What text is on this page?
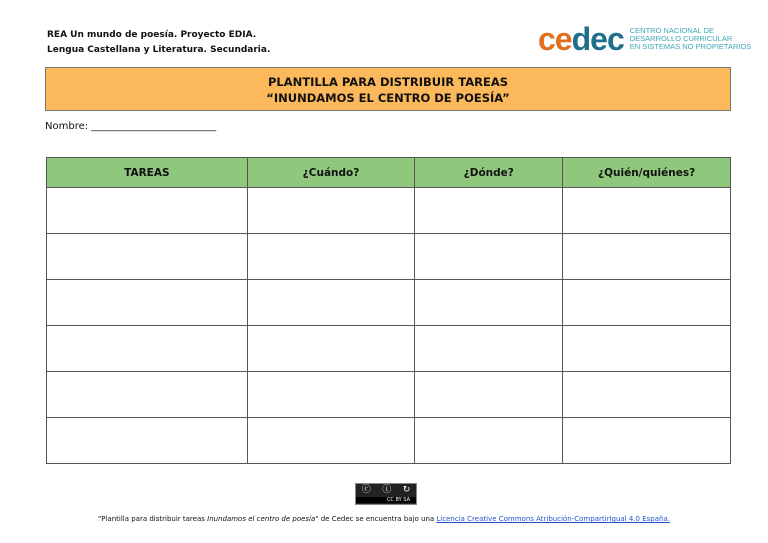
REA Un mundo de poesía. Proyecto EDIA.
Lengua Castellana y Literatura. Secundaria.	ce dec CENTRO NACIONAL DE
DESARROLLO CURRICULAR
EN SISTEMAS NO PROPIETARIOS
PLANTILLA PARA DISTRIBUIR TAREAS
“INUNDAMOS EL CENTRO DE POESÍA”
Nombre: _________________________
TAREAS	¿Cuándo?	¿Dónde?	¿Quién/quiénes?

ⓒ ⓘ ↻
CC BY SA
"Plantilla para distribuir tareas Inundamos el centro de poesía" de Cedec se encuentra bajo una Licencia Creative Commons Atribución-CompartirIgual 4.0 España.
